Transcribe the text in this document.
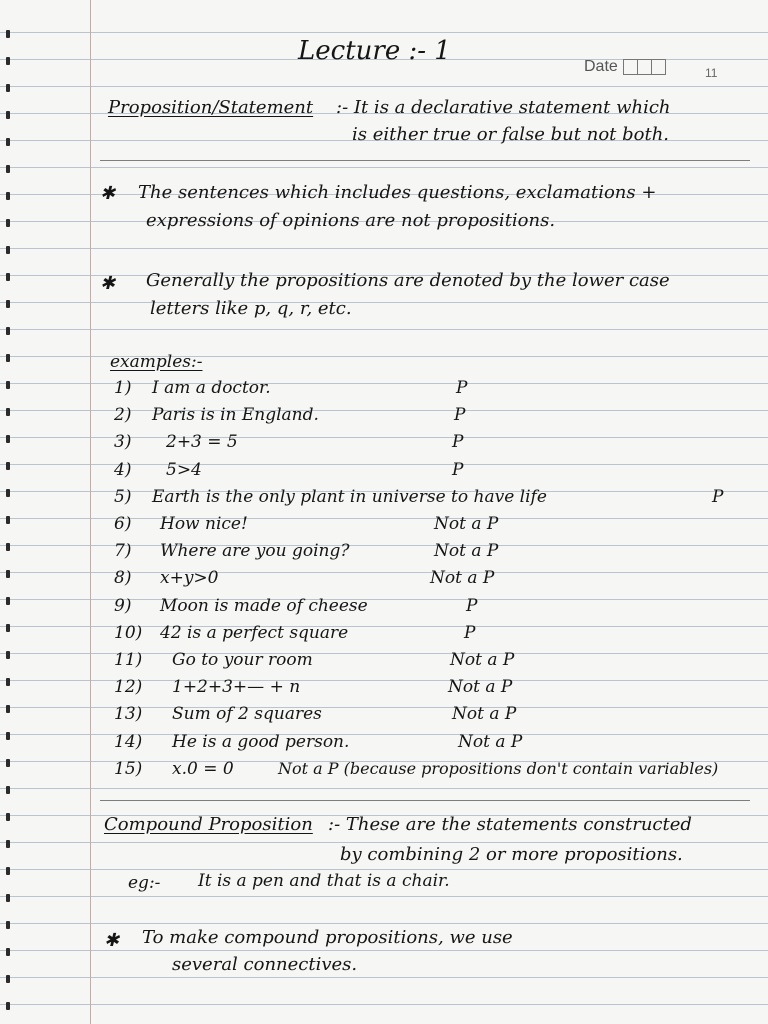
Lecture :- 1
Date	11
Proposition/Statement :- It is a declarative statement which
is either true or false but not both.
✱ The sentences which includes questions, exclamations +
expressions of opinions are not propositions.
✱ Generally the propositions are denoted by the lower case
letters like p, q, r, etc.
examples:-
1) I am a doctor.	P
2) Paris is in England.	P
3) 2+3 = 5	P
4) 5>4	P
5) Earth is the only plant in universe to have life	P
6) How nice!	Not a P
7) Where are you going?	Not a P
8) x+y>0	Not a P
9) Moon is made of cheese	P
10) 42 is a perfect square	P
11) Go to your room	Not a P
12) 1+2+3+— + n	Not a P
13) Sum of 2 squares	Not a P
14) He is a good person.	Not a P
15) x.0 = 0	Not a P (because propositions don't contain variables)
Compound Proposition :- These are the statements constructed
by combining 2 or more propositions.
eg:- It is a pen and that is a chair.

✱ To make compound propositions, we use
several connectives.
